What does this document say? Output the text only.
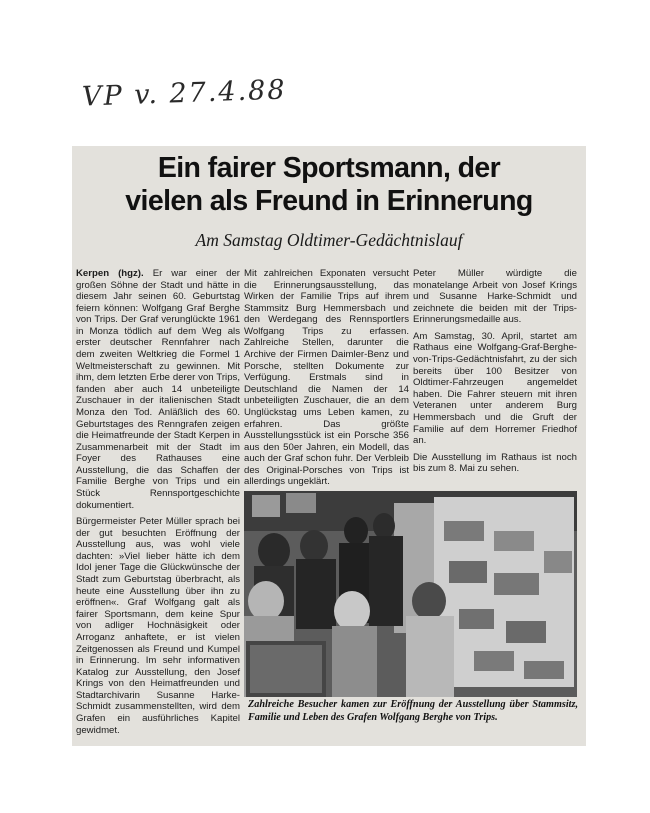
VP v. 27.4.88
Ein fairer Sportsmann, der
vielen als Freund in Erinnerung
Am Samstag Oldtimer-Gedächtnislauf

Kerpen (hgz). Er war einer der großen Söhne der Stadt und hätte in diesem Jahr seinen 60. Geburtstag feiern können: Wolfgang Graf Berghe von Trips. Der Graf verunglückte 1961 in Monza tödlich auf dem Weg als erster deutscher Rennfahrer nach dem zweiten Weltkrieg die Formel 1 Weltmeisterschaft zu gewinnen. Mit ihm, dem letzten Erbe derer von Trips, fanden aber auch 14 unbeteiligte Zuschauer in der italienischen Stadt Monza den Tod. Anläßlich des 60. Geburtstages des Renngrafen zeigen die Heimatfreunde der Stadt Kerpen in Zusammenarbeit mit der Stadt im Foyer des Rathauses eine Ausstellung, die das Schaffen der Familie Berghe von Trips und ein Stück Rennsportgeschichte dokumentiert.

Bürgermeister Peter Müller sprach bei der gut besuchten Eröffnung der Ausstellung aus, was wohl viele dachten: »Viel lieber hätte ich dem Idol jener Tage die Glückwünsche der Stadt zum Geburtstag überbracht, als heute eine Ausstellung über ihn zu eröffnen«. Graf Wolfgang galt als fairer Sportsmann, dem keine Spur von adliger Hochnäsigkeit oder Arroganz anhaftete, er ist vielen Zeitgenossen als Freund und Kumpel in Erinnerung. Im sehr informativen Katalog zur Ausstellung, den Josef Krings von den Heimatfreunden und Stadtarchivarin Susanne Harke-Schmidt zusammenstellten, wird dem Grafen ein ausführliches Kapitel gewidmet.

Mit zahlreichen Exponaten versucht die Erinnerungsausstellung, das Wirken der Familie Trips auf ihrem Stammsitz Burg Hemmersbach und den Werdegang des Rennsportlers Wolfgang Trips zu erfassen. Zahlreiche Stellen, darunter die Archive der Firmen Daimler-Benz und Porsche, stellten Dokumente zur Verfügung. Erstmals sind in Deutschland die Namen der 14 unbeteiligten Zuschauer, die an dem Unglückstag ums Leben kamen, zu erfahren. Das größte Ausstellungsstück ist ein Porsche 356 aus den 50er Jahren, ein Modell, das auch der Graf schon fuhr. Der Verbleib des Original-Porsches von Trips ist allerdings ungeklärt.

Peter Müller würdigte die monatelange Arbeit von Josef Krings und Susanne Harke-Schmidt und zeichnete die beiden mit der Trips-Erinnerungsmedaille aus.

Am Samstag, 30. April, startet am Rathaus eine Wolfgang-Graf-Berghe-von-Trips-Gedächtnisfahrt, zu der sich bereits über 100 Besitzer von Oldtimer-Fahrzeugen angemeldet haben. Die Fahrer steuern mit ihren Veteranen unter anderem Burg Hemmersbach und die Gruft der Familie auf dem Horremer Friedhof an.

Die Ausstellung im Rathaus ist noch bis zum 8. Mai zu sehen.

Zahlreiche Besucher kamen zur Eröffnung der Ausstellung über Stammsitz, Familie und Leben des Grafen Wolfgang Berghe von Trips.
